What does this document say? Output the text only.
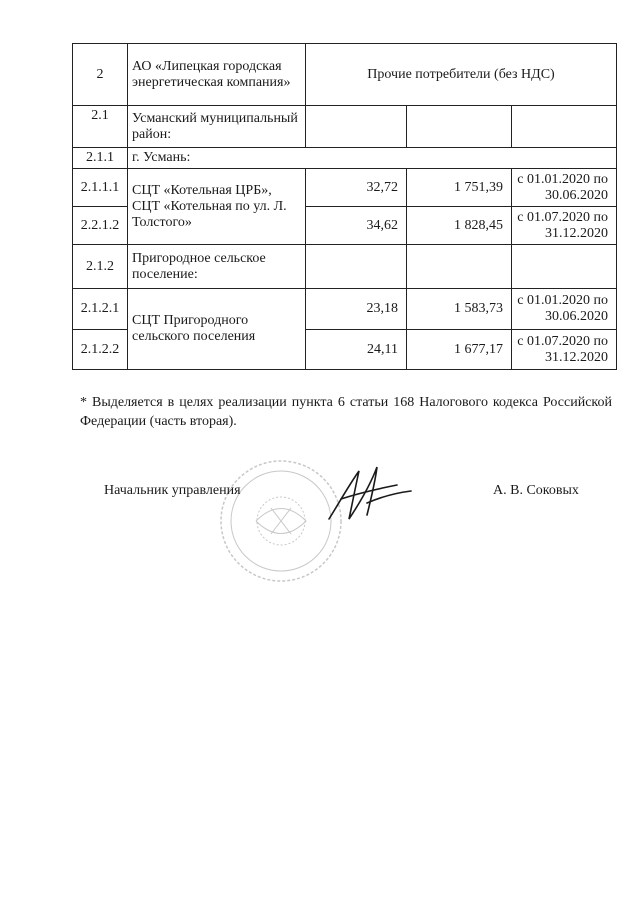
2	АО «Липецкая городская энергетическая компания»	Прочие потребители (без НДС)		
2.1	Усманский муниципальный район:			
2.1.1	г. Усмань:			
2.1.1.1	СЦТ «Котельная ЦРБ», СЦТ «Котельная по ул. Л. Толстого»	32,72	1 751,39	с 01.01.2020 по 30.06.2020
2.2.1.2		34,62	1 828,45	с 01.07.2020 по 31.12.2020
2.1.2	Пригородное сельское поселение:			
2.1.2.1	СЦТ Пригородного сельского поселения	23,18	1 583,73	с 01.01.2020 по 30.06.2020
2.1.2.2		24,11	1 677,17	с 01.07.2020 по 31.12.2020
* Выделяется в целях реализации пункта 6 статьи 168 Налогового кодекса Российской Федерации (часть вторая).
Начальник управления	А. В. Соковых
